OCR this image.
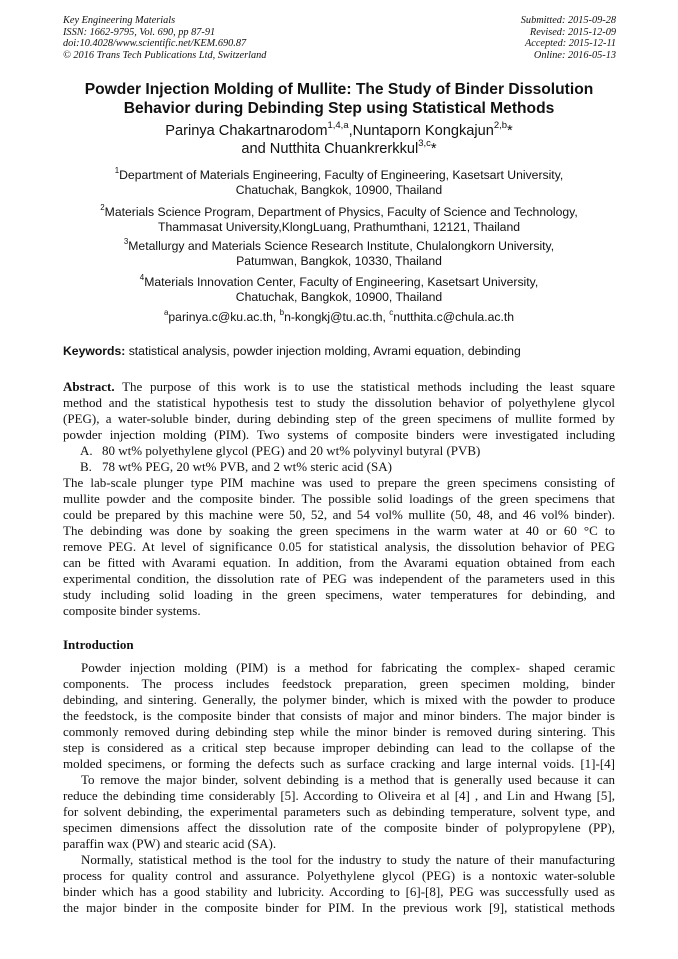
Key Engineering Materials
ISSN: 1662-9795, Vol. 690, pp 87-91
doi:10.4028/www.scientific.net/KEM.690.87
© 2016 Trans Tech Publications Ltd, Switzerland
Submitted: 2015-09-28
Revised: 2015-12-09
Accepted: 2015-12-11
Online: 2016-05-13
Powder Injection Molding of Mullite: The Study of Binder Dissolution
Behavior during Debinding Step using Statistical Methods
Parinya Chakartnarodom$^{1,4,a}$,Nuntaporn Kongkajun$^{2,b}$*
and Nutthita Chuankrerkkul$^{3,c}$*
$^1$Department of Materials Engineering, Faculty of Engineering, Kasetsart University,
Chatuchak, Bangkok, 10900, Thailand
$^2$Materials Science Program, Department of Physics, Faculty of Science and Technology,
Thammasat University,KlongLuang, Prathumthani, 12121, Thailand
$^3$Metallurgy and Materials Science Research Institute, Chulalongkorn University,
Patumwan, Bangkok, 10330, Thailand
$^4$Materials Innovation Center, Faculty of Engineering, Kasetsart University,
Chatuchak, Bangkok, 10900, Thailand
$^a$parinya.c@ku.ac.th, $^b$n-kongkj@tu.ac.th, $^c$nutthita.c@chula.ac.th
Keywords: statistical analysis, powder injection molding, Avrami equation, debinding
Abstract. The purpose of this work is to use the statistical methods including the least square
method and the statistical hypothesis test to study the dissolution behavior of polyethylene glycol
(PEG), a water-soluble binder, during debinding step of the green specimens of mullite formed by
powder injection molding (PIM). Two systems of composite binders were investigated including
A. 80 wt% polyethylene glycol (PEG) and 20 wt% polyvinyl butyral (PVB)
B. 78 wt% PEG, 20 wt% PVB, and 2 wt% steric acid (SA)
The lab-scale plunger type PIM machine was used to prepare the green specimens consisting of
mullite powder and the composite binder. The possible solid loadings of the green specimens that
could be prepared by this machine were 50, 52, and 54 vol% mullite (50, 48, and 46 vol% binder).
The debinding was done by soaking the green specimens in the warm water at 40 or 60 °C to
remove PEG. At level of significance 0.05 for statistical analysis, the dissolution behavior of PEG
can be fitted with Avarami equation. In addition, from the Avarami equation obtained from each
experimental condition, the dissolution rate of PEG was independent of the parameters used in this
study including solid loading in the green specimens, water temperatures for debinding, and
composite binder systems.
Introduction
Powder injection molding (PIM) is a method for fabricating the complex- shaped ceramic
components. The process includes feedstock preparation, green specimen molding, binder
debinding, and sintering. Generally, the polymer binder, which is mixed with the powder to produce
the feedstock, is the composite binder that consists of major and minor binders. The major binder is
commonly removed during debinding step while the minor binder is removed during sintering. This
step is considered as a critical step because improper debinding can lead to the collapse of the
molded specimens, or forming the defects such as surface cracking and large internal voids. [1]-[4]
To remove the major binder, solvent debinding is a method that is generally used because it can
reduce the debinding time considerably [5]. According to Oliveira et al [4] , and Lin and Hwang [5],
for solvent debinding, the experimental parameters such as debinding temperature, solvent type, and
specimen dimensions affect the dissolution rate of the composite binder of polypropylene (PP),
paraffin wax (PW) and stearic acid (SA).
Normally, statistical method is the tool for the industry to study the nature of their manufacturing
process for quality control and assurance. Polyethylene glycol (PEG) is a nontoxic water-soluble
binder which has a good stability and lubricity. According to [6]-[8], PEG was successfully used as
the major binder in the composite binder for PIM. In the previous work [9], statistical methods
